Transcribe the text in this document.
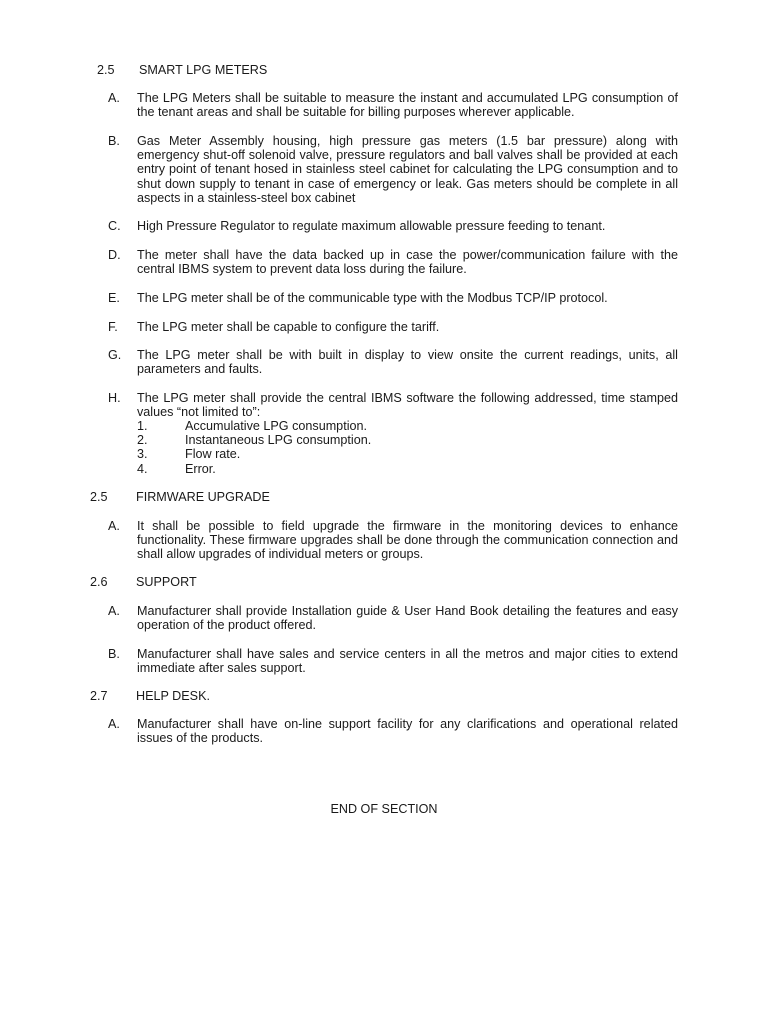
2.5 SMART LPG METERS
A. The LPG Meters shall be suitable to measure the instant and accumulated LPG consumption of the tenant areas and shall be suitable for billing purposes wherever applicable.
B. Gas Meter Assembly housing, high pressure gas meters (1.5 bar pressure) along with emergency shut-off solenoid valve, pressure regulators and ball valves shall be provided at each entry point of tenant hosed in stainless steel cabinet for calculating the LPG consumption and to shut down supply to tenant in case of emergency or leak. Gas meters should be complete in all aspects in a stainless-steel box cabinet
C. High Pressure Regulator to regulate maximum allowable pressure feeding to tenant.
D. The meter shall have the data backed up in case the power/communication failure with the central IBMS system to prevent data loss during the failure.
E. The LPG meter shall be of the communicable type with the Modbus TCP/IP protocol.
F. The LPG meter shall be capable to configure the tariff.
G. The LPG meter shall be with built in display to view onsite the current readings, units, all parameters and faults.
H. The LPG meter shall provide the central IBMS software the following addressed, time stamped values “not limited to”:
1.	Accumulative LPG consumption.
2.	Instantaneous LPG consumption.
3.	Flow rate.
4.	Error.
2.5 FIRMWARE UPGRADE
A. It shall be possible to field upgrade the firmware in the monitoring devices to enhance functionality. These firmware upgrades shall be done through the communication connection and shall allow upgrades of individual meters or groups.
2.6 SUPPORT
A. Manufacturer shall provide Installation guide & User Hand Book detailing the features and easy operation of the product offered.
B. Manufacturer shall have sales and service centers in all the metros and major cities to extend immediate after sales support.
2.7 HELP DESK.
A. Manufacturer shall have on-line support facility for any clarifications and operational related issues of the products.
END OF SECTION
